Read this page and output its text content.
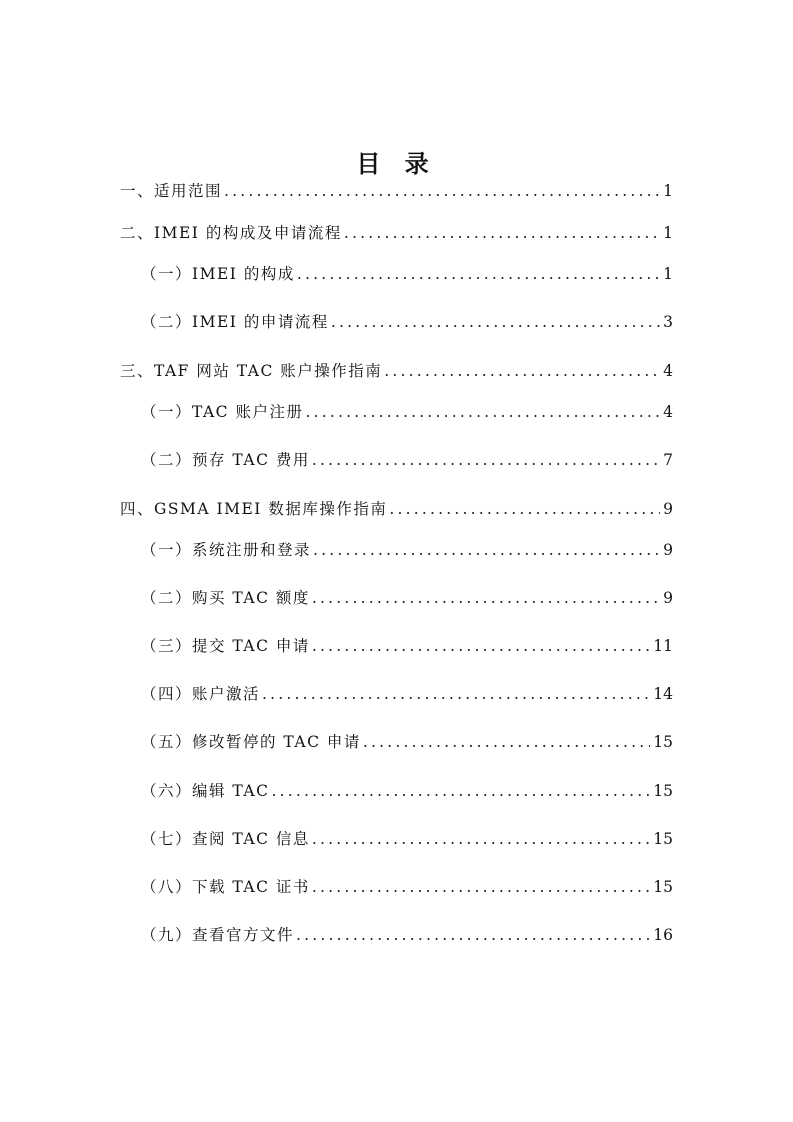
目 录
一、适用范围 .....	1
二、IMEI 的构成及申请流程 .....	1
（一）IMEI 的构成 .....	1
（二）IMEI 的申请流程 .....	3
三、TAF 网站 TAC 账户操作指南 .....	4
（一）TAC 账户注册 .....	4
（二）预存 TAC 费用 .....	7
四、GSMA IMEI 数据库操作指南 .....	9
（一）系统注册和登录 .....	9
（二）购买 TAC 额度 .....	9
（三）提交 TAC 申请 .....	11
（四）账户激活 .....	14
（五）修改暂停的 TAC 申请 .....	15
（六）编辑 TAC .....	15
（七）查阅 TAC 信息 .....	15
（八）下载 TAC 证书 .....	15
（九）查看官方文件 .....	16
